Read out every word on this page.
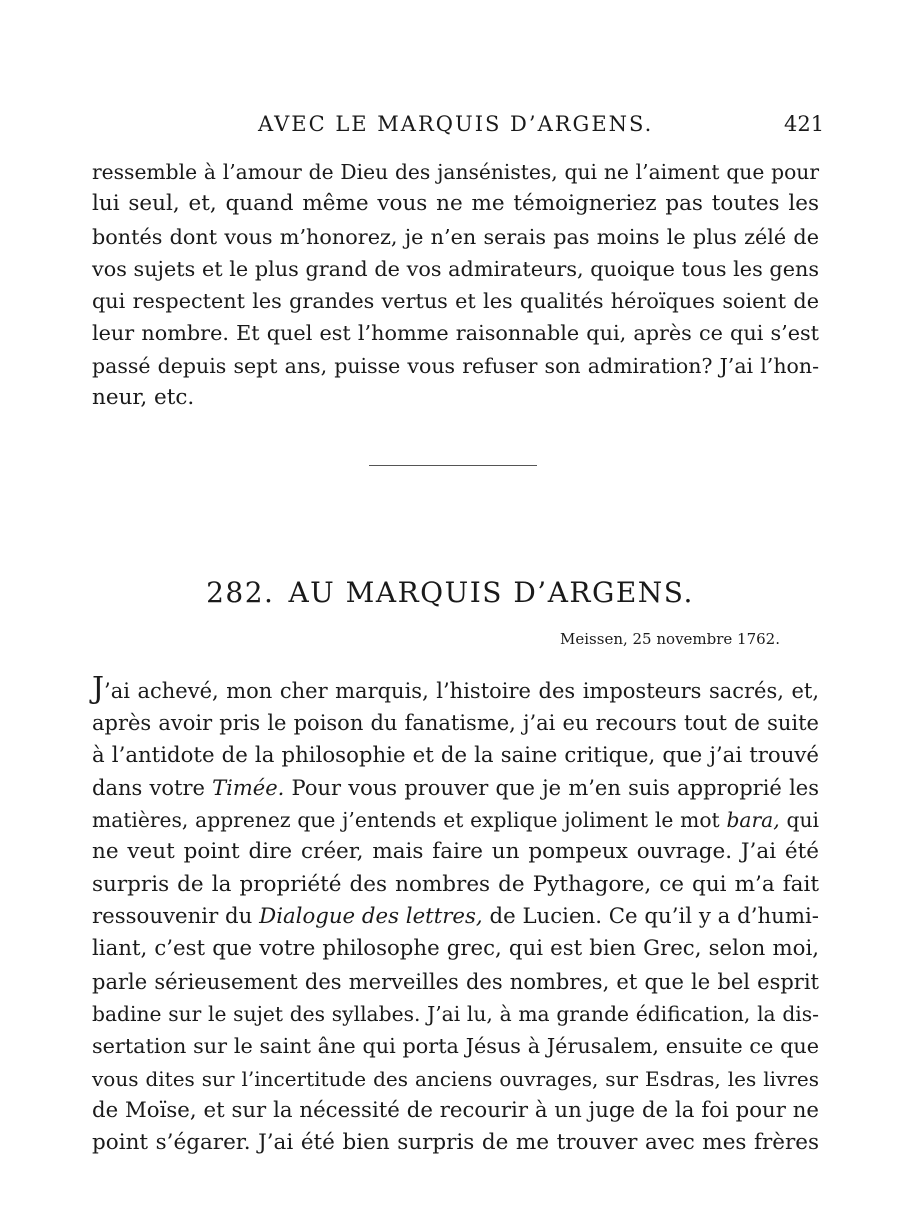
AVEC LE MARQUIS D’ARGENS.	421

ressemble à l’amour de Dieu des jansénistes, qui ne l’aiment que pour

lui seul, et, quand même vous ne me témoigneriez pas toutes les

bontés dont vous m’honorez, je n’en serais pas moins le plus zélé de

vos sujets et le plus grand de vos admirateurs, quoique tous les gens

qui respectent les grandes vertus et les qualités héroïques soient de

leur nombre. Et quel est l’homme raisonnable qui, après ce qui s’est

passé depuis sept ans, puisse vous refuser son admiration? J’ai l’hon-

neur, etc.

282. AU MARQUIS D’ARGENS.
Meissen, 25 novembre 1762.

J’ai achevé, mon cher marquis, l’histoire des imposteurs sacrés, et,

après avoir pris le poison du fanatisme, j’ai eu recours tout de suite

à l’antidote de la philosophie et de la saine critique, que j’ai trouvé

dans votre Timée. Pour vous prouver que je m’en suis approprié les

matières, apprenez que j’entends et explique joliment le mot bara, qui

ne veut point dire créer, mais faire un pompeux ouvrage. J’ai été

surpris de la propriété des nombres de Pythagore, ce qui m’a fait

ressouvenir du Dialogue des lettres, de Lucien. Ce qu’il y a d’humi-

liant, c’est que votre philosophe grec, qui est bien Grec, selon moi,

parle sérieusement des merveilles des nombres, et que le bel esprit

badine sur le sujet des syllabes. J’ai lu, à ma grande édification, la dis-

sertation sur le saint âne qui porta Jésus à Jérusalem, ensuite ce que

vous dites sur l’incertitude des anciens ouvrages, sur Esdras, les livres

de Moïse, et sur la nécessité de recourir à un juge de la foi pour ne

point s’égarer. J’ai été bien surpris de me trouver avec mes frères
